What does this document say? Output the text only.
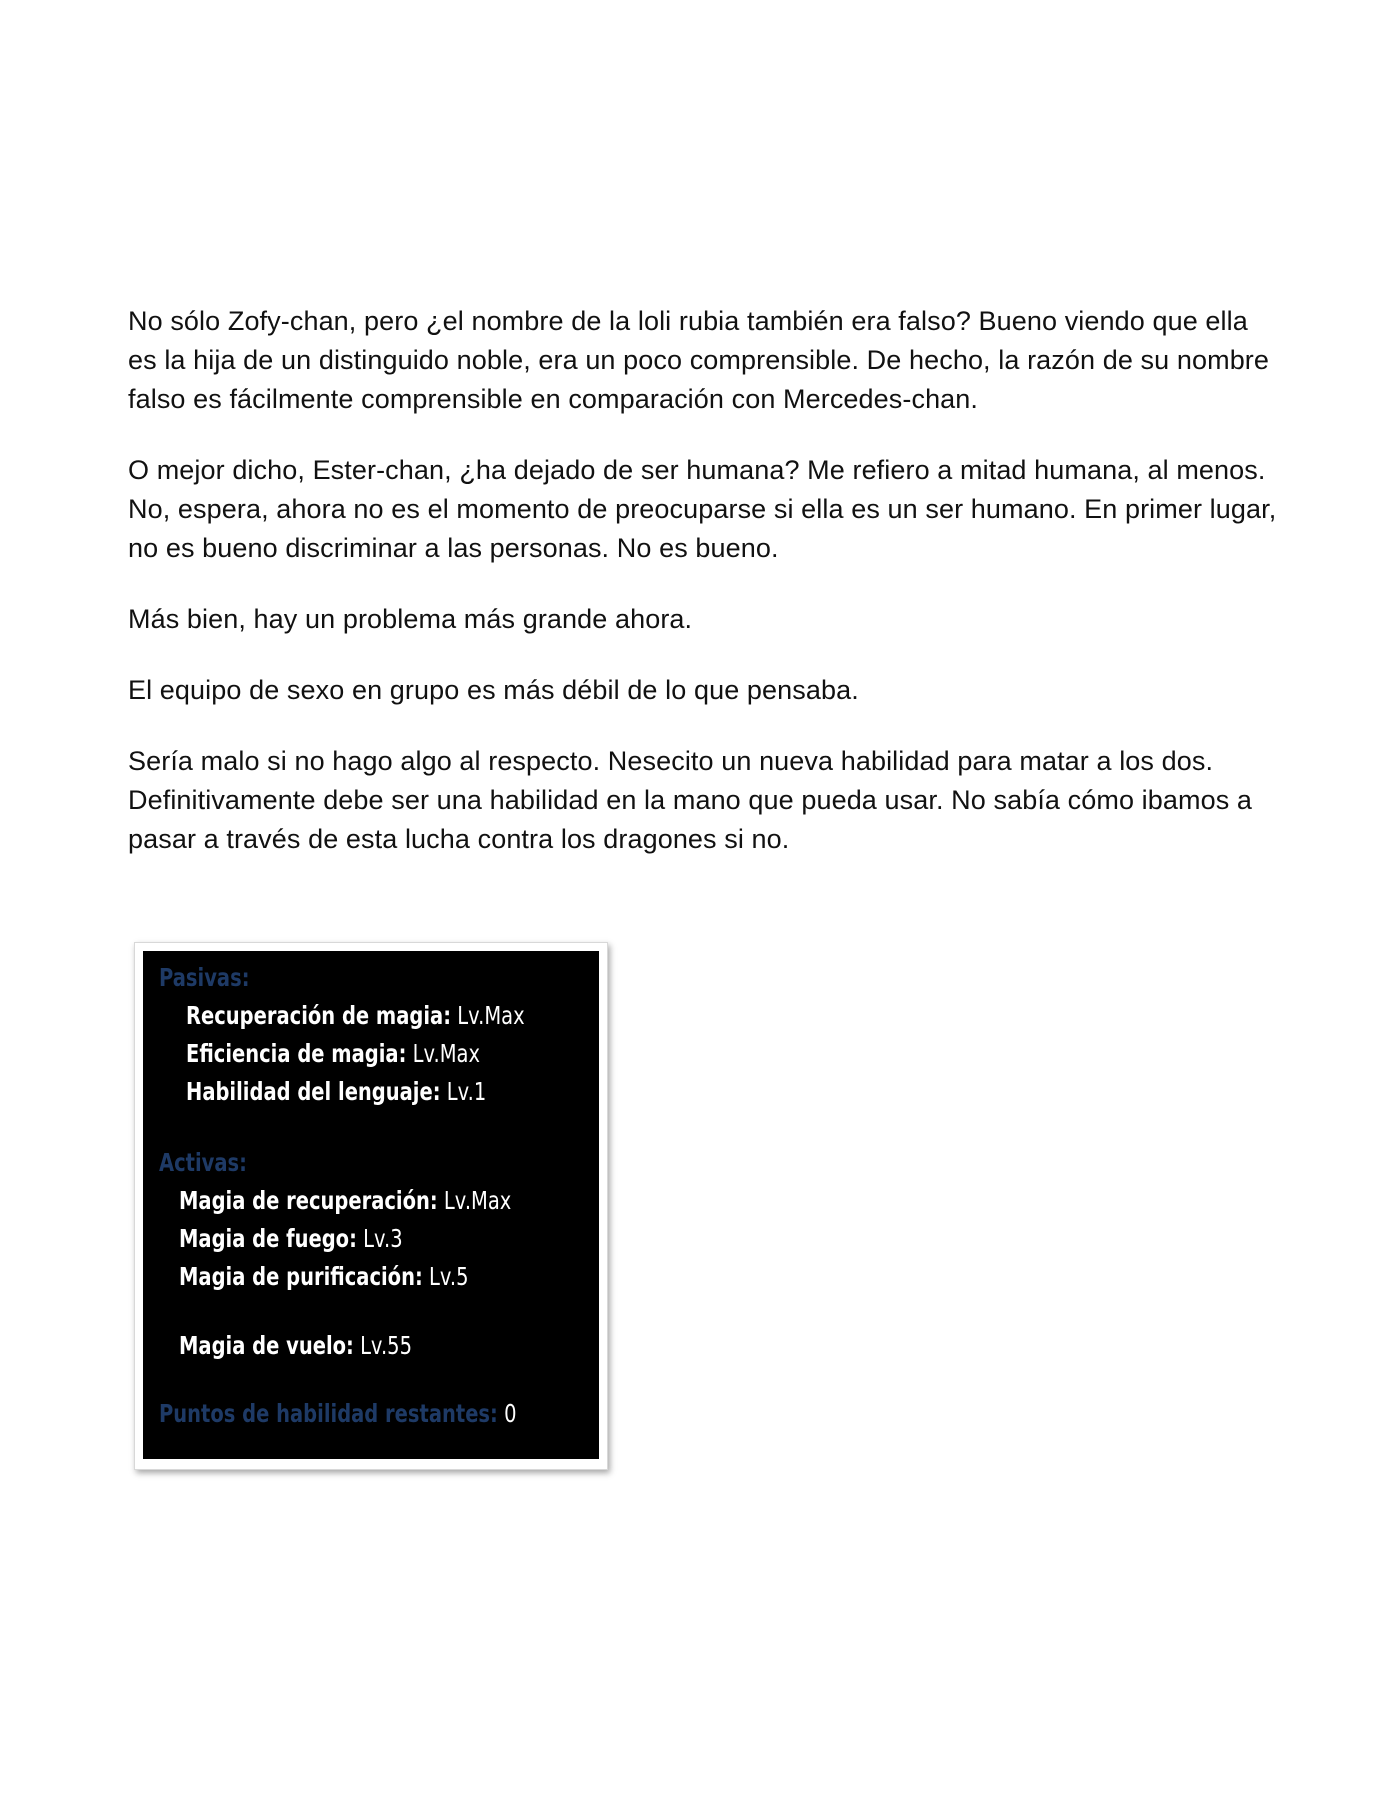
No sólo Zofy-chan, pero ¿el nombre de la loli rubia también era falso? Bueno viendo que ella es la hija de un distinguido noble, era un poco comprensible. De hecho, la razón de su nombre falso es fácilmente comprensible en comparación con Mercedes-chan.

O mejor dicho, Ester-chan, ¿ha dejado de ser humana? Me refiero a mitad humana, al menos. No, espera, ahora no es el momento de preocuparse si ella es un ser humano. En primer lugar, no es bueno discriminar a las personas. No es bueno.

Más bien, hay un problema más grande ahora.

El equipo de sexo en grupo es más débil de lo que pensaba.

Sería malo si no hago algo al respecto. Nesecito un nueva habilidad para matar a los dos. Definitivamente debe ser una habilidad en la mano que pueda usar. No sabía cómo ibamos a pasar a través de esta lucha contra los dragones si no.

Pasivas:
Recuperación de magia: Lv.Max
Eficiencia de magia: Lv.Max
Habilidad del lenguaje: Lv.1
Activas:
Magia de recuperación: Lv.Max
Magia de fuego: Lv.3
Magia de purificación: Lv.5
Magia de vuelo: Lv.55
Puntos de habilidad restantes: 0
